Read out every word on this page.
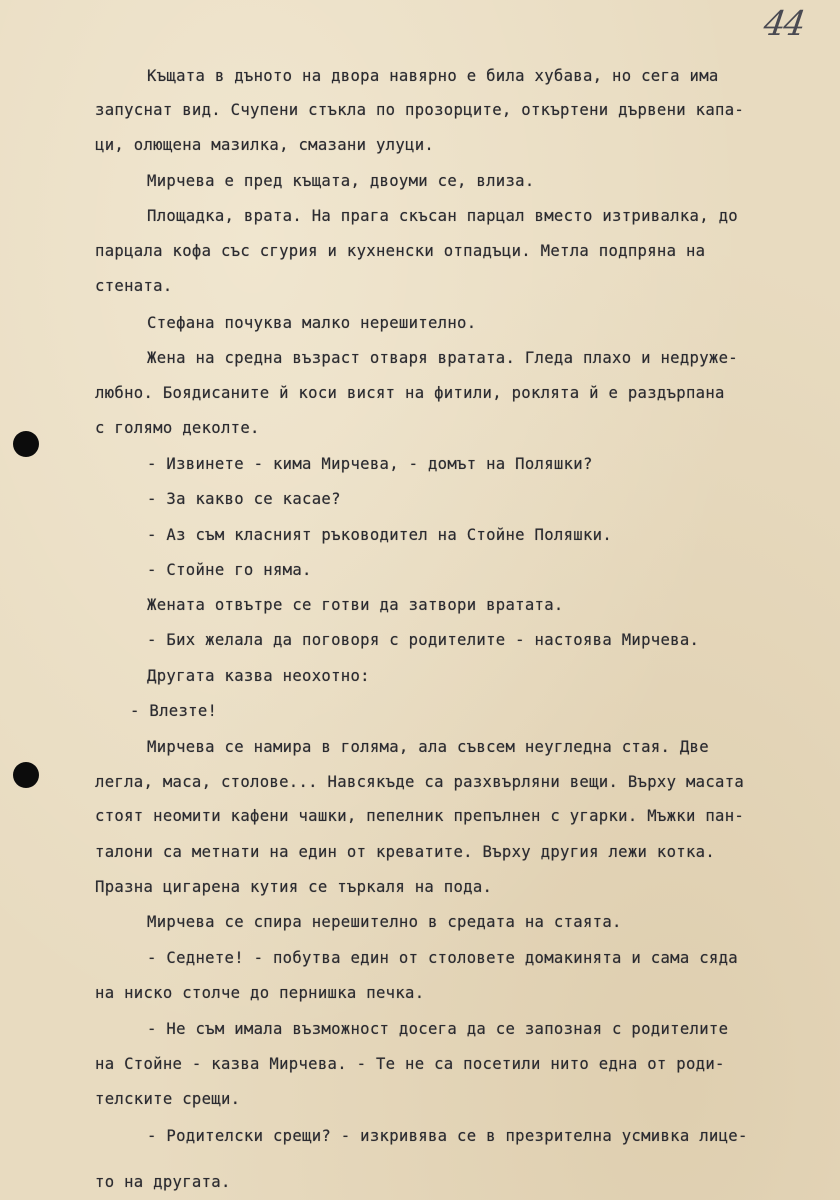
44
Къщата в дъното на двора навярно е била хубава, но сега има
запуснат вид. Счупени стъкла по прозорците, откъртени дървени капа-
ци, олющена мазилка, смазани улуци.
Мирчева е пред къщата, двоуми се, влиза.
Площадка, врата. На прага скъсан парцал вместо изтривалка, до
парцала кофа със сгурия и кухненски отпадъци. Метла подпряна на
стената.
Стефана почуква малко нерешително.
Жена на средна възраст отваря вратата. Гледа плахо и недруже-
любно. Боядисаните й коси висят на фитили, роклята й е раздърпана
с голямо деколте.
- Извинете - кима Мирчева, - домът на Поляшки?
- За какво се касае?
- Аз съм класният ръководител на Стойне Поляшки.
- Стойне го няма.
Жената отвътре се готви да затвори вратата.
- Бих желала да поговоря с родителите - настоява Мирчева.
Другата казва неохотно:
- Влезте!
Мирчева се намира в голяма, ала съвсем неугледна стая. Две
легла, маса, столове... Навсякъде са разхвърляни вещи. Върху масата
стоят неомити кафени чашки, пепелник препълнен с угарки. Мъжки пан-
талони са метнати на един от креватите. Върху другия лежи котка.
Празна цигарена кутия се търкаля на пода.
Мирчева се спира нерешително в средата на стаята.
- Седнете! - побутва един от столовете домакинята и сама сяда
на ниско столче до пернишка печка.
- Не съм имала възможност досега да се запозная с родителите
на Стойне - казва Мирчева. - Те не са посетили нито една от роди-
телските срещи.
- Родителски срещи? - изкривява се в презрителна усмивка лице-
то на другата.
